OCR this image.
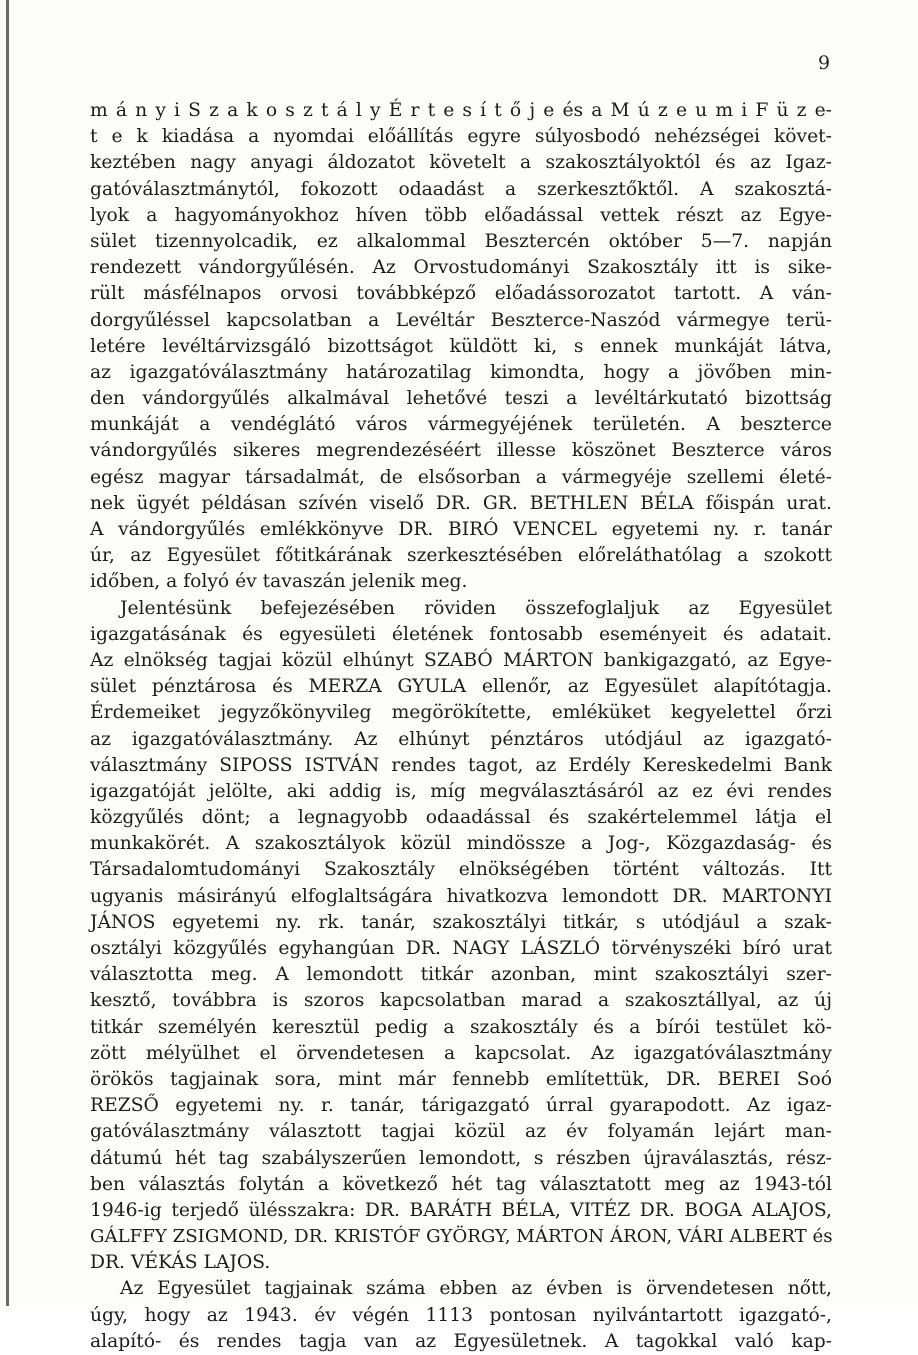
9
m á n y i S z a k o s z t á l y É r t e s í t ő j e és a M ú z e u m i F ü z e-
t e k kiadása a nyomdai előállítás egyre súlyosbodó nehézségei követ-
keztében nagy anyagi áldozatot követelt a szakosztályoktól és az Igaz-
gatóválasztmánytól, fokozott odaadást a szerkesztőktől. A szakosztá-
lyok a hagyományokhoz híven több előadással vettek részt az Egye-
sület tizennyolcadik, ez alkalommal Besztercén október 5—7. napján
rendezett vándorgyűlésén. Az Orvostudományi Szakosztály itt is sike-
rült másfélnapos orvosi továbbképző előadássorozatot tartott. A ván-
dorgyűléssel kapcsolatban a Levéltár Beszterce-Naszód vármegye terü-
letére levéltárvizsgáló bizottságot küldött ki, s ennek munkáját látva,
az igazgatóválasztmány határozatilag kimondta, hogy a jövőben min-
den vándorgyűlés alkalmával lehetővé teszi a levéltárkutató bizottság
munkáját a vendéglátó város vármegyéjének területén. A beszterce
vándorgyűlés sikeres megrendezéséért illesse köszönet Beszterce város
egész magyar társadalmát, de elsősorban a vármegyéje szellemi életé-
nek ügyét példásan szívén viselő DR. GR. BETHLEN BÉLA főispán urat.
A vándorgyűlés emlékkönyve DR. BIRÓ VENCEL egyetemi ny. r. tanár
úr, az Egyesület főtitkárának szerkesztésében előreláthatólag a szokott
időben, a folyó év tavaszán jelenik meg.
Jelentésünk befejezésében röviden összefoglaljuk az Egyesület
igazgatásának és egyesületi életének fontosabb eseményeit és adatait.
Az elnökség tagjai közül elhúnyt SZABÓ MÁRTON bankigazgató, az Egye-
sület pénztárosa és MERZA GYULA ellenőr, az Egyesület alapítótagja.
Érdemeiket jegyzőkönyvileg megörökítette, emléküket kegyelettel őrzi
az igazgatóválasztmány. Az elhúnyt pénztáros utódjául az igazgató-
választmány SIPOSS ISTVÁN rendes tagot, az Erdély Kereskedelmi Bank
igazgatóját jelölte, aki addig is, míg megválasztásáról az ez évi rendes
közgyűlés dönt; a legnagyobb odaadással és szakértelemmel látja el
munkakörét. A szakosztályok közül mindössze a Jog-, Közgazdaság- és
Társadalomtudományi Szakosztály elnökségében történt változás. Itt
ugyanis másirányú elfoglaltságára hivatkozva lemondott DR. MARTONYI
JÁNOS egyetemi ny. rk. tanár, szakosztályi titkár, s utódjául a szak-
osztályi közgyűlés egyhangúan DR. NAGY LÁSZLÓ törvényszéki bíró urat
választotta meg. A lemondott titkár azonban, mint szakosztályi szer-
kesztő, továbbra is szoros kapcsolatban marad a szakosztállyal, az új
titkár személyén keresztül pedig a szakosztály és a bírói testület kö-
zött mélyülhet el örvendetesen a kapcsolat. Az igazgatóválasztmány
örökös tagjainak sora, mint már fennebb említettük, DR. BEREI Soó
REZSŐ egyetemi ny. r. tanár, tárigazgató úrral gyarapodott. Az igaz-
gatóválasztmány választott tagjai közül az év folyamán lejárt man-
dátumú hét tag szabályszerűen lemondott, s részben újraválasztás, rész-
ben választás folytán a következő hét tag választatott meg az 1943-tól
1946-ig terjedő ülésszakra: DR. BARÁTH BÉLA, VITÉZ DR. BOGA ALAJOS,
GÁLFFY ZSIGMOND, DR. KRISTÓF GYÖRGY, MÁRTON ÁRON, VÁRI ALBERT és
DR. VÉKÁS LAJOS.
Az Egyesület tagjainak száma ebben az évben is örvendetesen nőtt,
úgy, hogy az 1943. év végén 1113 pontosan nyilvántartott igazgató-,
alapító- és rendes tagja van az Egyesületnek. A tagokkal való kap-
